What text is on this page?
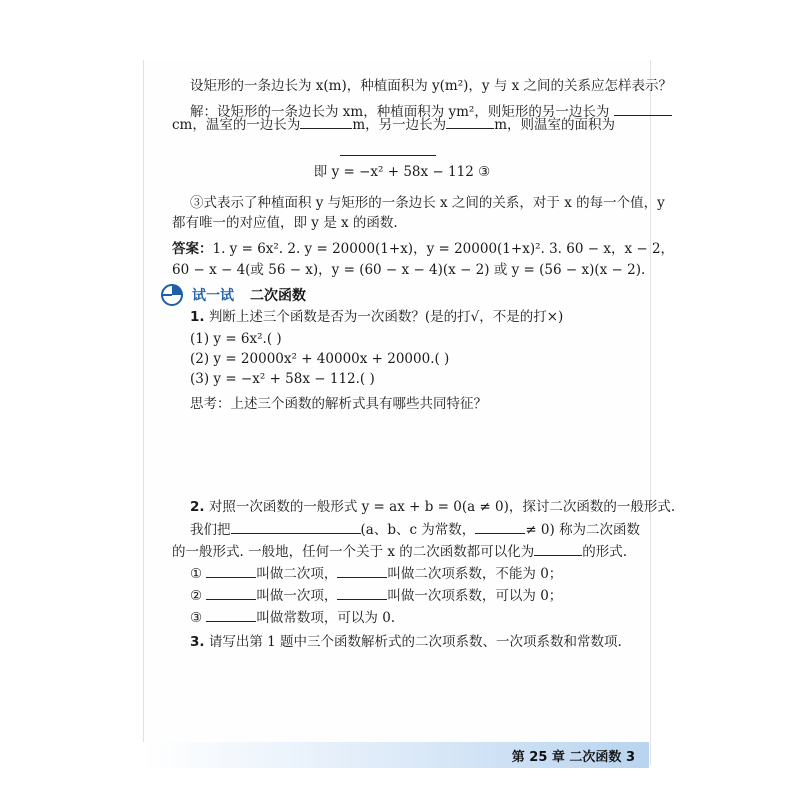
设矩形的一条边长为 x(m)，种植面积为 y(m²)，y 与 x 之间的关系应怎样表示？
解：设矩形的一条边长为 xm，种植面积为 ym²，则矩形的另一边长为
cm，温室的一边长为	m，另一边长为	m，则温室的面积为
即 y = −x² + 58x − 112 ③
③式表示了种植面积 y 与矩形的一条边长 x 之间的关系，对于 x 的每一个值，y
都有唯一的对应值，即 y 是 x 的函数.
答案：1. y = 6x². 2. y = 20000(1+x)，y = 20000(1+x)². 3. 60 − x，x − 2，
60 − x − 4(或 56 − x)，y = (60 − x − 4)(x − 2) 或 y = (56 − x)(x − 2).
试一试 二次函数
1. 判断上述三个函数是否为一次函数？(是的打√，不是的打×)
(1) y = 6x².( )
(2) y = 20000x² + 40000x + 20000.( )
(3) y = −x² + 58x − 112.( )
思考：上述三个函数的解析式具有哪些共同特征？
2. 对照一次函数的一般形式 y = ax + b = 0(a ≠ 0)，探讨二次函数的一般形式.
我们把	(a、b、c 为常数，	≠ 0) 称为二次函数
的一般形式. 一般地，任何一个关于 x 的二次函数都可以化为	的形式.
①	叫做二次项，	叫做二次项系数，不能为 0；
②	叫做一次项，	叫做一次项系数，可以为 0；
③	叫做常数项，可以为 0.
3. 请写出第 1 题中三个函数解析式的二次项系数、一次项系数和常数项.
第 25 章 二次函数 3
